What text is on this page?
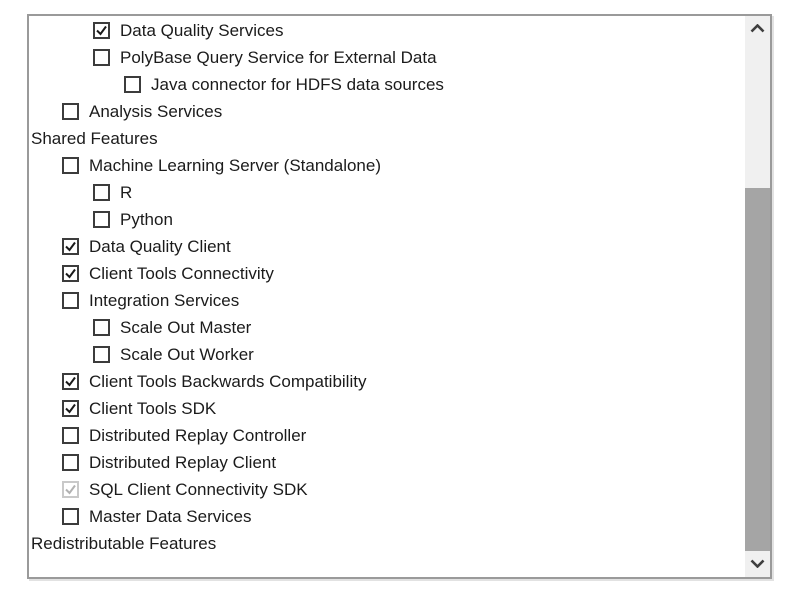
Data Quality Services
PolyBase Query Service for External Data
Java connector for HDFS data sources
Analysis Services
Shared Features
Machine Learning Server (Standalone)
R
Python
Data Quality Client
Client Tools Connectivity
Integration Services
Scale Out Master
Scale Out Worker
Client Tools Backwards Compatibility
Client Tools SDK
Distributed Replay Controller
Distributed Replay Client
SQL Client Connectivity SDK
Master Data Services
Redistributable Features
